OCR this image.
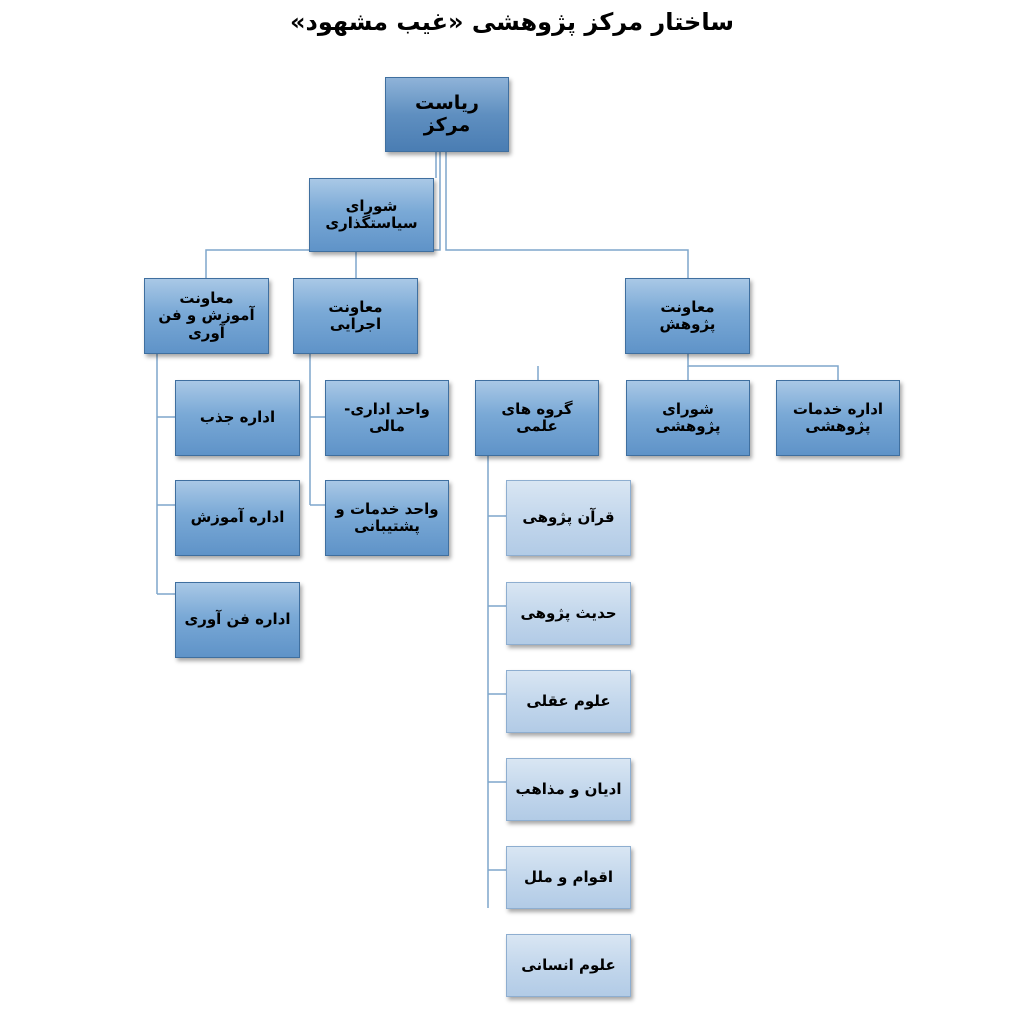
ساختار مرکز پژوهشی «غیب مشهود»
ریاست مرکز
شورای سیاستگذاری
معاونت پژوهش
معاونت اجرایی
معاونت آموزش و فن آوری
اداره خدمات پژوهشی
شورای پژوهشی
گروه های علمی
قرآن پژوهی
حدیث پژوهی
علوم عقلی
ادیان و مذاهب
اقوام و ملل
علوم انسانی
واحد اداری-مالی
واحد خدمات و پشتیبانی
اداره جذب
اداره آموزش
اداره فن آوری
